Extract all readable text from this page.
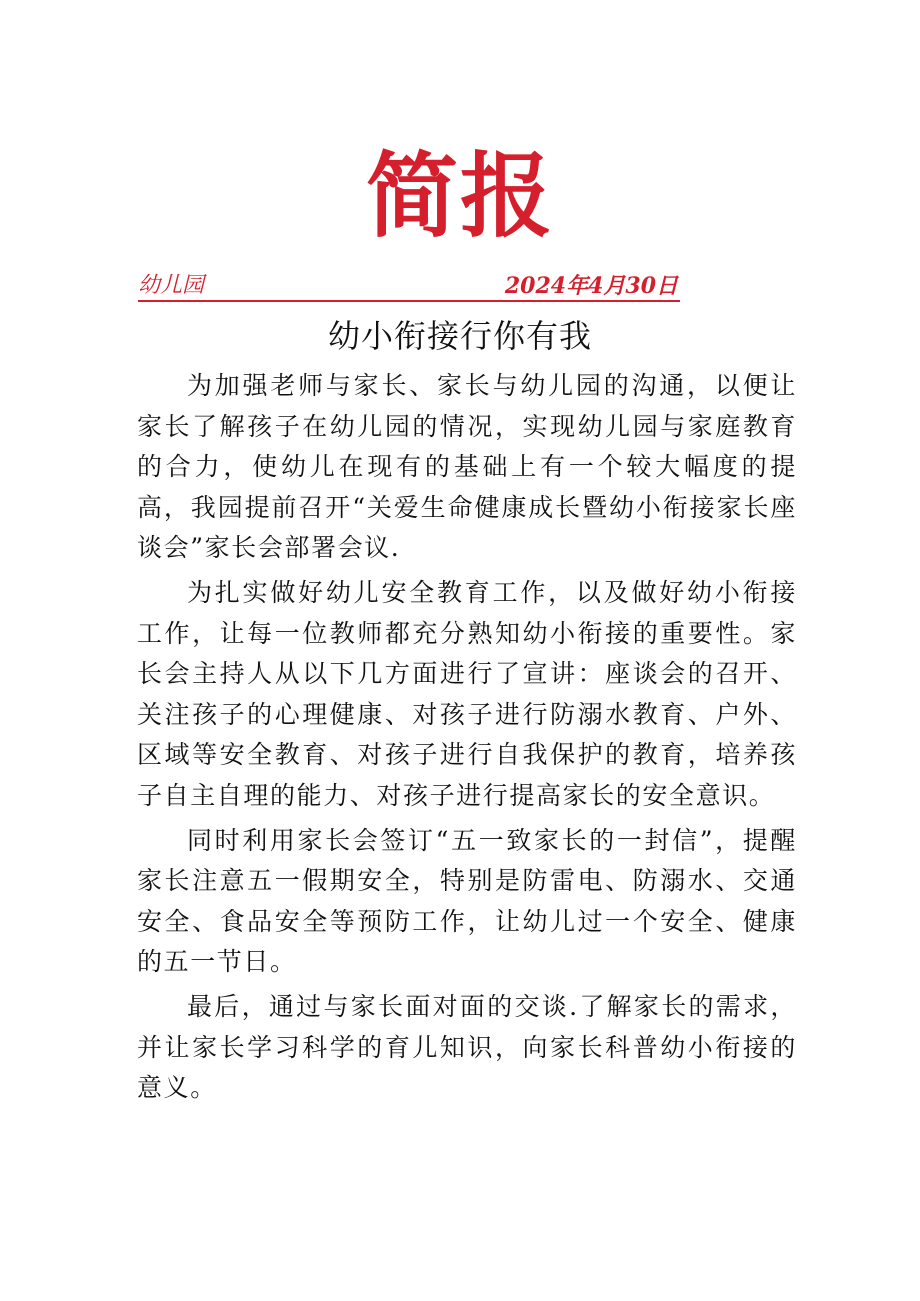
简报
幼儿园	2024年4月30日
幼小衔接行你有我

为加强老师与家长、家长与幼儿园的沟通，以便让家长了解孩子在幼儿园的情况，实现幼儿园与家庭教育的合力，使幼儿在现有的基础上有一个较大幅度的提高，我园提前召开“关爱生命健康成长暨幼小衔接家长座谈会”家长会部署会议.

为扎实做好幼儿安全教育工作，以及做好幼小衔接工作，让每一位教师都充分熟知幼小衔接的重要性。家长会主持人从以下几方面进行了宣讲：座谈会的召开、关注孩子的心理健康、对孩子进行防溺水教育、户外、区域等安全教育、对孩子进行自我保护的教育，培养孩子自主自理的能力、对孩子进行提高家长的安全意识。

同时利用家长会签订“五一致家长的一封信”，提醒家长注意五一假期安全，特别是防雷电、防溺水、交通安全、食品安全等预防工作，让幼儿过一个安全、健康的五一节日。

最后，通过与家长面对面的交谈.了解家长的需求，并让家长学习科学的育儿知识，向家长科普幼小衔接的意义。
